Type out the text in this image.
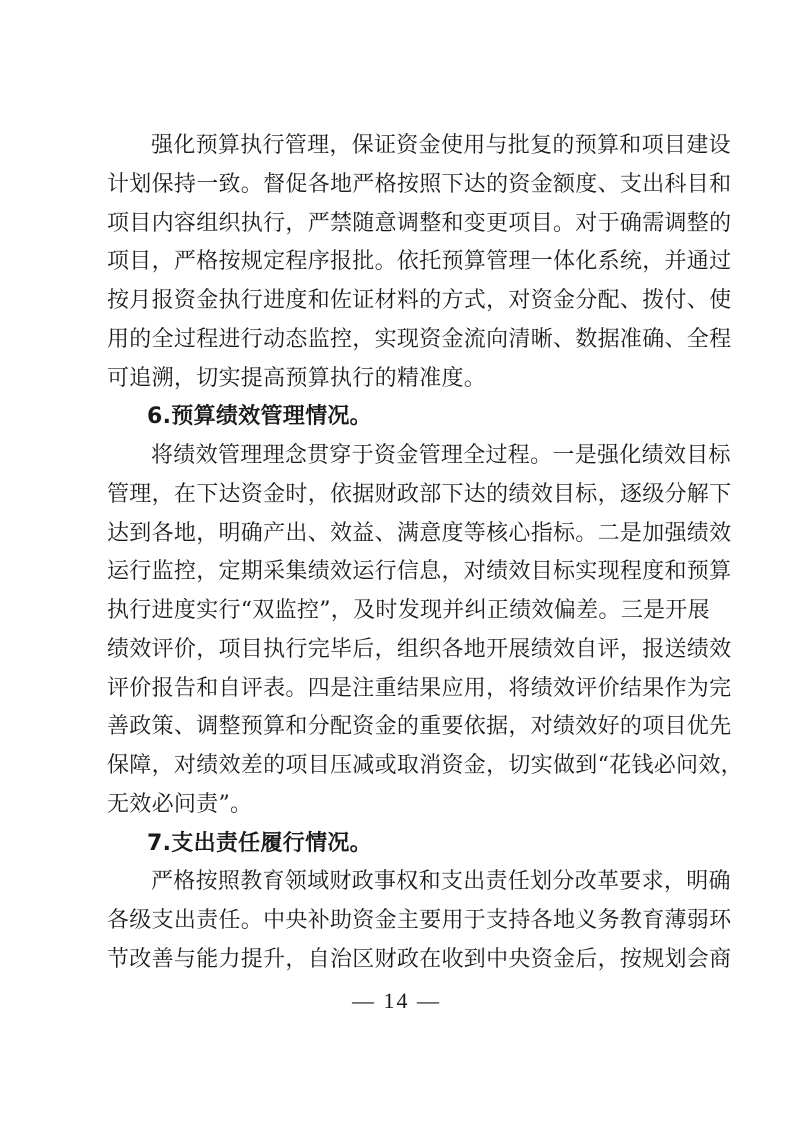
强化预算执行管理，保证资金使用与批复的预算和项目建设
计划保持一致。督促各地严格按照下达的资金额度、支出科目和
项目内容组织执行，严禁随意调整和变更项目。对于确需调整的
项目，严格按规定程序报批。依托预算管理一体化系统，并通过
按月报资金执行进度和佐证材料的方式，对资金分配、拨付、使
用的全过程进行动态监控，实现资金流向清晰、数据准确、全程
可追溯，切实提高预算执行的精准度。
6.预算绩效管理情况。
将绩效管理理念贯穿于资金管理全过程。一是强化绩效目标
管理，在下达资金时，依据财政部下达的绩效目标，逐级分解下
达到各地，明确产出、效益、满意度等核心指标。二是加强绩效
运行监控，定期采集绩效运行信息，对绩效目标实现程度和预算
执行进度实行“双监控”，及时发现并纠正绩效偏差。三是开展
绩效评价，项目执行完毕后，组织各地开展绩效自评，报送绩效
评价报告和自评表。四是注重结果应用，将绩效评价结果作为完
善政策、调整预算和分配资金的重要依据，对绩效好的项目优先
保障，对绩效差的项目压减或取消资金，切实做到“花钱必问效，
无效必问责”。
7.支出责任履行情况。
严格按照教育领域财政事权和支出责任划分改革要求，明确
各级支出责任。中央补助资金主要用于支持各地义务教育薄弱环
节改善与能力提升，自治区财政在收到中央资金后，按规划会商
— 14 —
